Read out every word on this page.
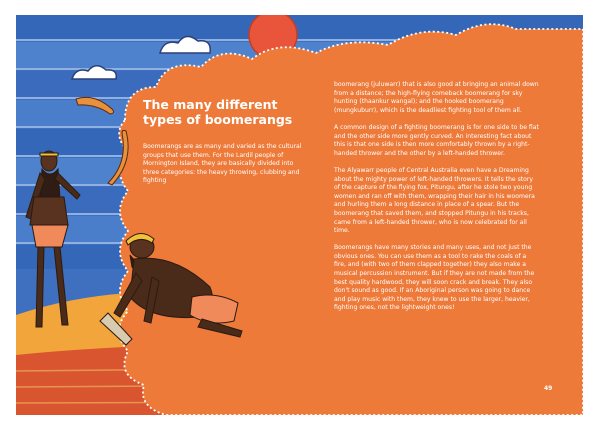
The many different types of boomerangs

Boomerangs are as many and varied as the cultural groups that use them. For the Lardil people of Mornington Island, they are basically divided into three categories: the heavy throwing, clubbing and fighting

boomerang (juluwarr) that is also good at bringing an animal down from a distance; the high-flying comeback boomerang for sky hunting (thaankur wangal); and the hooked boomerang (mungkuburr), which is the deadliest fighting tool of them all.

A common design of a fighting boomerang is for one side to be flat and the other side more gently curved. An interesting fact about this is that one side is then more comfortably thrown by a right-handed thrower and the other by a left-handed thrower.

The Alyawarr people of Central Australia even have a Dreaming about the mighty power of left-handed throwers. It tells the story of the capture of the flying fox, Pitungu, after he stole two young women and ran off with them, wrapping their hair in his woomera and hurling them a long distance in place of a spear. But the boomerang that saved them, and stopped Pitungu in his tracks, came from a left-handed thrower, who is now celebrated for all time.

Boomerangs have many stories and many uses, and not just the obvious ones. You can use them as a tool to rake the coals of a fire, and (with two of them clapped together) they also make a musical percussion instrument. But if they are not made from the best quality hardwood, they will soon crack and break. They also don't sound as good. If an Aboriginal person was going to dance and play music with them, they knew to use the larger, heavier, fighting ones, not the lightweight ones!

49
